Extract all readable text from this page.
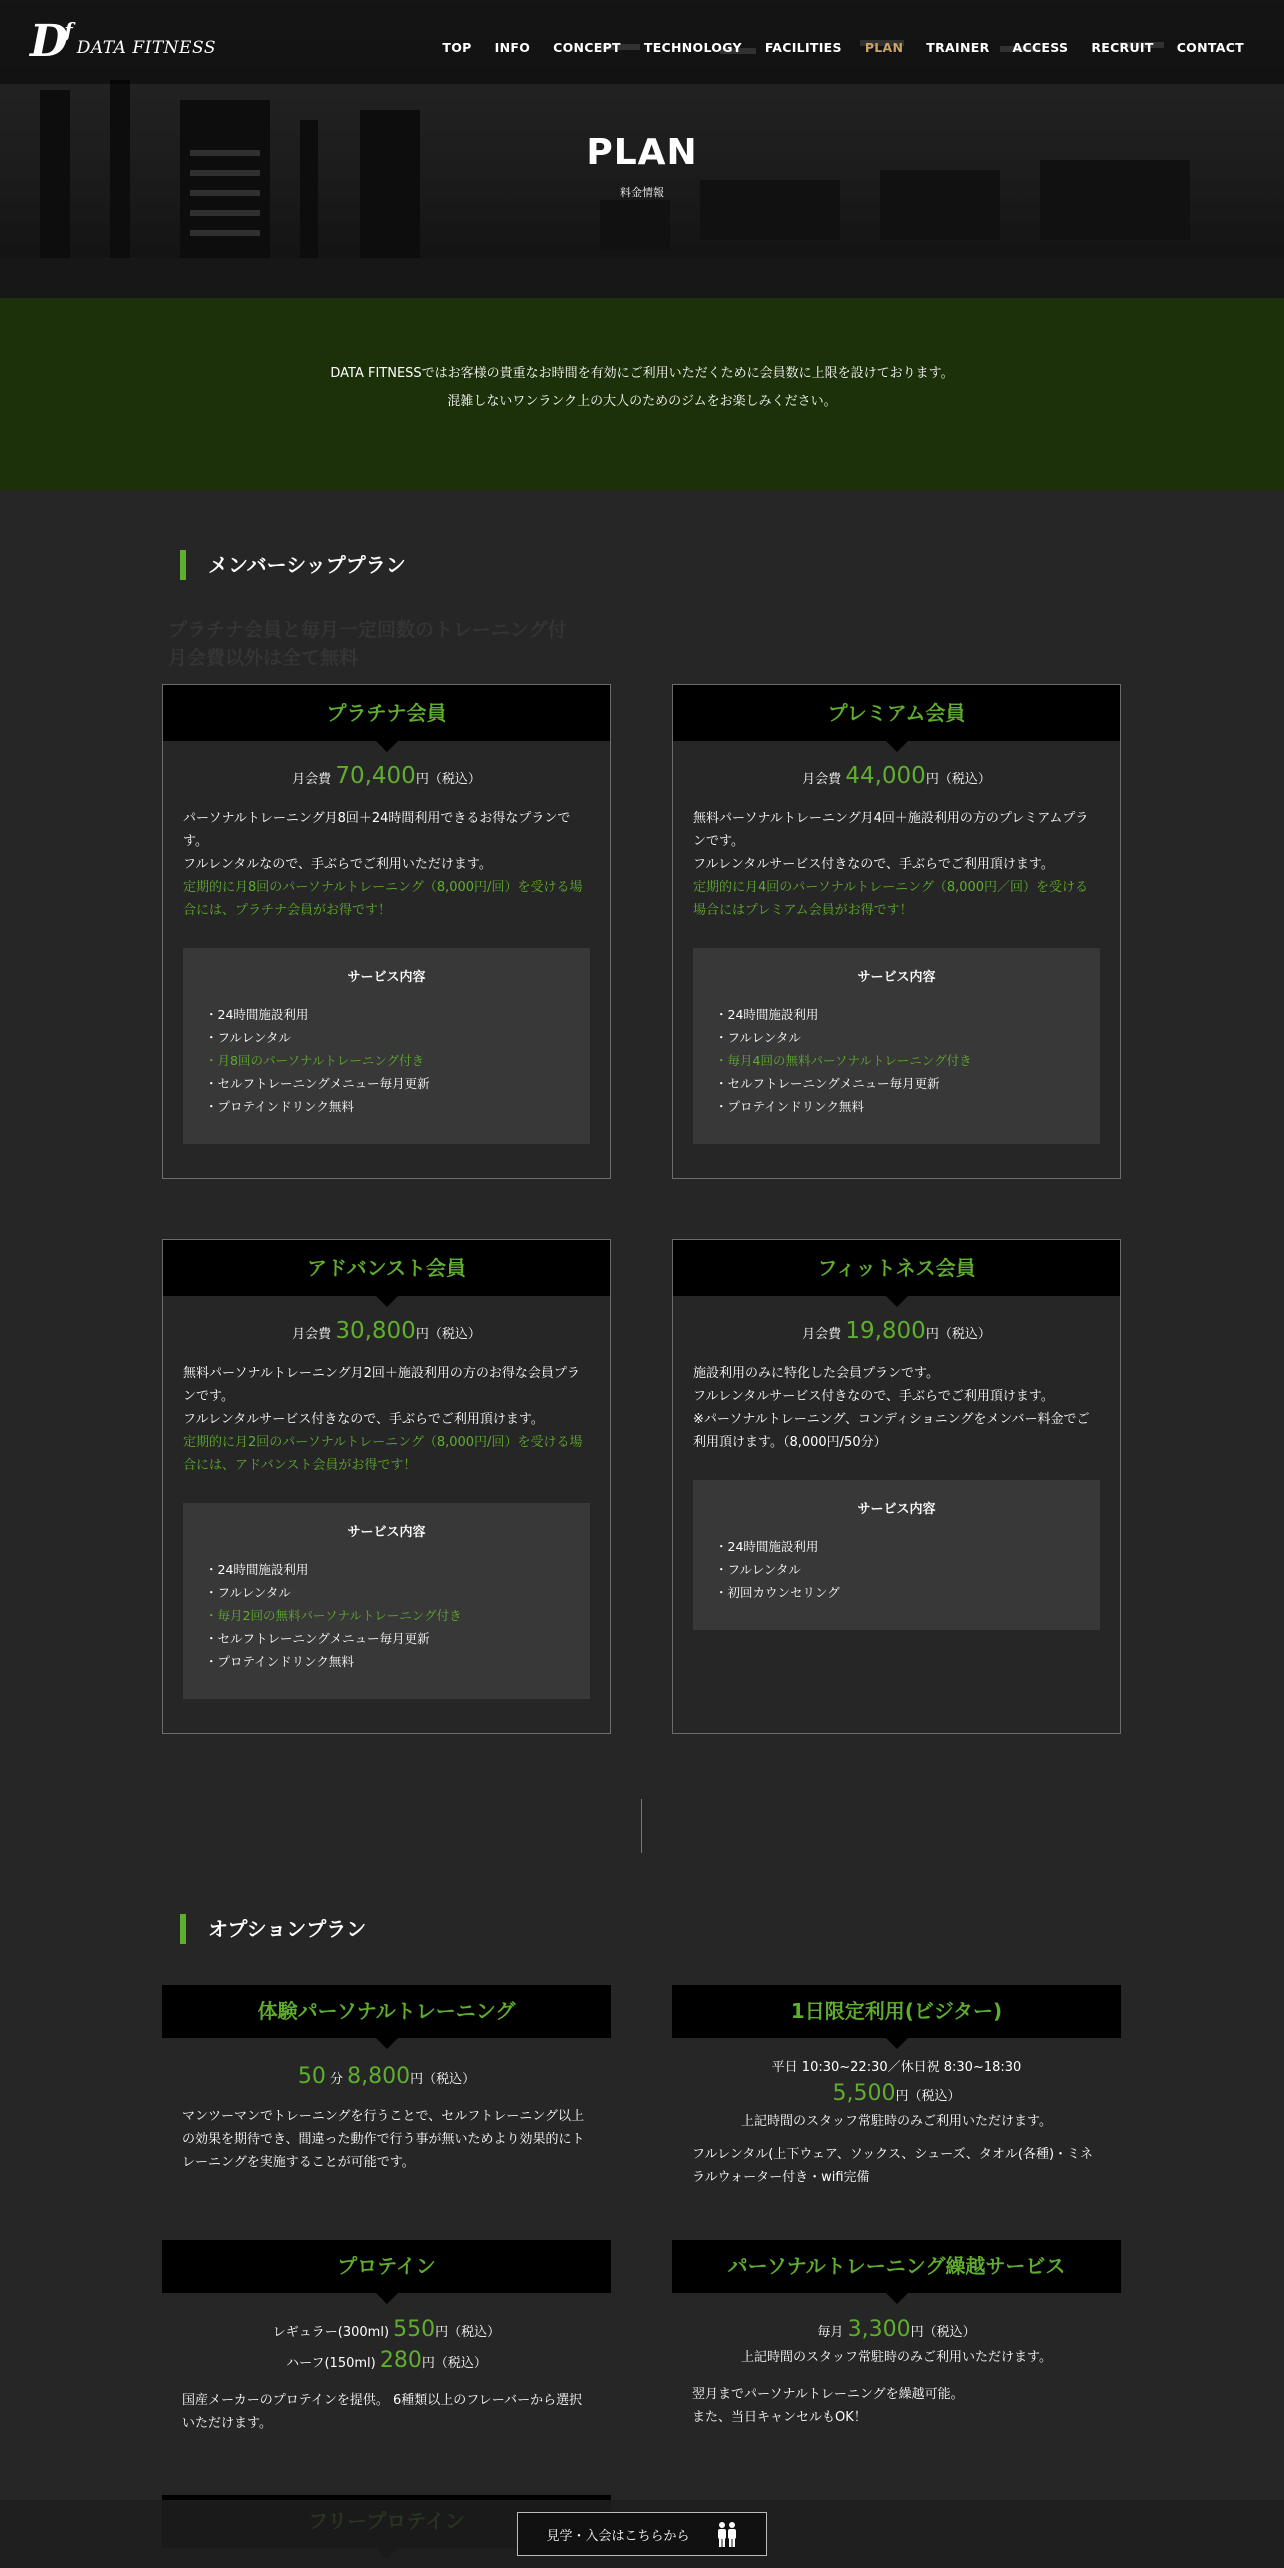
$D^f$
DATA FITNESS	TOP INFO CONCEPT TECHNOLOGY FACILITIES PLAN TRAINER ACCESS RECRUIT CONTACT
PLAN
料金情報

DATA FITNESSではお客様の貴重なお時間を有効にご利用いただくために会員数に上限を設けております。

混雑しないワンランク上の大人のためのジムをお楽しみください。

メンバーシッププラン
プラチナ会員と毎月一定回数のトレーニング付
月会費以外は全て無料
プラチナ会員
月会費 70,400円（税込）
パーソナルトレーニング月8回＋24時間利用できるお得なプランです。
フルレンタルなので、手ぶらでご利用いただけます。
定期的に月8回のパーソナルトレーニング（8,000円/回）を受ける場合には、プラチナ会員がお得です！
サービス内容
・24時間施設利用
・フルレンタル
・月8回のパーソナルトレーニング付き
・セルフトレーニングメニュー毎月更新
・プロテインドリンク無料
プレミアム会員
月会費 44,000円（税込）
無料パーソナルトレーニング月4回＋施設利用の方のプレミアムプランです。
フルレンタルサービス付きなので、手ぶらでご利用頂けます。
定期的に月4回のパーソナルトレーニング（8,000円／回）を受ける場合にはプレミアム会員がお得です！
サービス内容
・24時間施設利用
・フルレンタル
・毎月4回の無料パーソナルトレーニング付き
・セルフトレーニングメニュー毎月更新
・プロテインドリンク無料
アドバンスト会員
月会費 30,800円（税込）
無料パーソナルトレーニング月2回＋施設利用の方のお得な会員プランです。
フルレンタルサービス付きなので、手ぶらでご利用頂けます。
定期的に月2回のパーソナルトレーニング（8,000円/回）を受ける場合には、アドバンスト会員がお得です！
サービス内容
・24時間施設利用
・フルレンタル
・毎月2回の無料パーソナルトレーニング付き
・セルフトレーニングメニュー毎月更新
・プロテインドリンク無料
フィットネス会員
月会費 19,800円（税込）
施設利用のみに特化した会員プランです。
フルレンタルサービス付きなので、手ぶらでご利用頂けます。
※パーソナルトレーニング、コンディショニングをメンバー料金でご利用頂けます。（8,000円/50分）
サービス内容
・24時間施設利用
・フルレンタル
・初回カウンセリング
オプションプラン
体験パーソナルトレーニング
50 分 8,800円（税込）
マンツーマンでトレーニングを行うことで、セルフトレーニング以上の効果を期待でき、間違った動作で行う事が無いためより効果的にトレーニングを実施することが可能です。
1日限定利用(ビジター)
平日 10:30~22:30／休日祝 8:30~18:30
5,500円（税込）
上記時間のスタッフ常駐時のみご利用いただけます。
フルレンタル(上下ウェア、ソックス、シューズ、タオル(各種)・ミネラルウォーター付き・wifi完備
プロテイン
レギュラー(300ml) 550円（税込）
ハーフ(150ml) 280円（税込）
国産メーカーのプロテインを提供。 6種類以上のフレーバーから選択いただけます。
パーソナルトレーニング繰越サービス
毎月 3,300円（税込）
上記時間のスタッフ常駐時のみご利用いただけます。
翌月までパーソナルトレーニングを繰越可能。
また、当日キャンセルもOK！
見学・入会はこちらから
